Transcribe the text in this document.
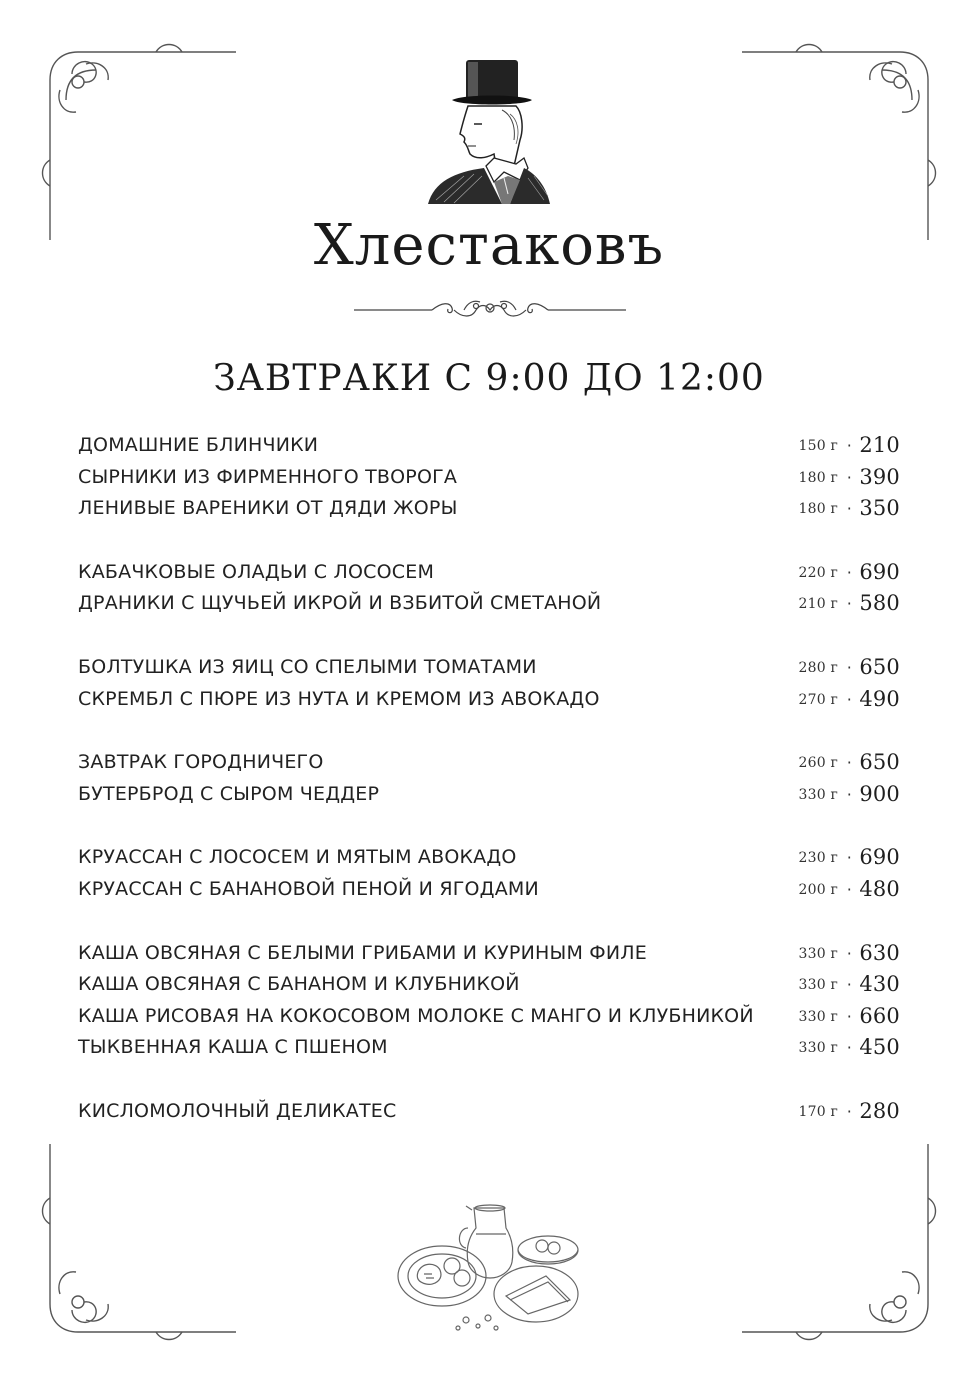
Хлестаковъ
ЗАВТРАКИ С 9:00 ДО 12:00
ДОМАШНИЕ БЛИНЧИКИ	150 г · 210
СЫРНИКИ ИЗ ФИРМЕННОГО ТВОРОГА	180 г · 390
ЛЕНИВЫЕ ВАРЕНИКИ ОТ ДЯДИ ЖОРЫ	180 г · 350
КАБАЧКОВЫЕ ОЛАДЬИ С ЛОСОСЕМ	220 г · 690
ДРАНИКИ С ЩУЧЬЕЙ ИКРОЙ И ВЗБИТОЙ СМЕТАНОЙ	210 г · 580
БОЛТУШКА ИЗ ЯИЦ СО СПЕЛЫМИ ТОМАТАМИ	280 г · 650
СКРЕМБЛ С ПЮРЕ ИЗ НУТА И КРЕМОМ ИЗ АВОКАДО	270 г · 490
ЗАВТРАК ГОРОДНИЧЕГО	260 г · 650
БУТЕРБРОД С СЫРОМ ЧЕДДЕР	330 г · 900
КРУАССАН С ЛОСОСЕМ И МЯТЫМ АВОКАДО	230 г · 690
КРУАССАН С БАНАНОВОЙ ПЕНОЙ И ЯГОДАМИ	200 г · 480
КАША ОВСЯНАЯ С БЕЛЫМИ ГРИБАМИ И КУРИНЫМ ФИЛЕ	330 г · 630
КАША ОВСЯНАЯ С БАНАНОМ И КЛУБНИКОЙ	330 г · 430
КАША РИСОВАЯ НА КОКОСОВОМ МОЛОКЕ С МАНГО И КЛУБНИКОЙ	330 г · 660
ТЫКВЕННАЯ КАША С ПШЕНОМ	330 г · 450
КИСЛОМОЛОЧНЫЙ ДЕЛИКАТЕС	170 г · 280
